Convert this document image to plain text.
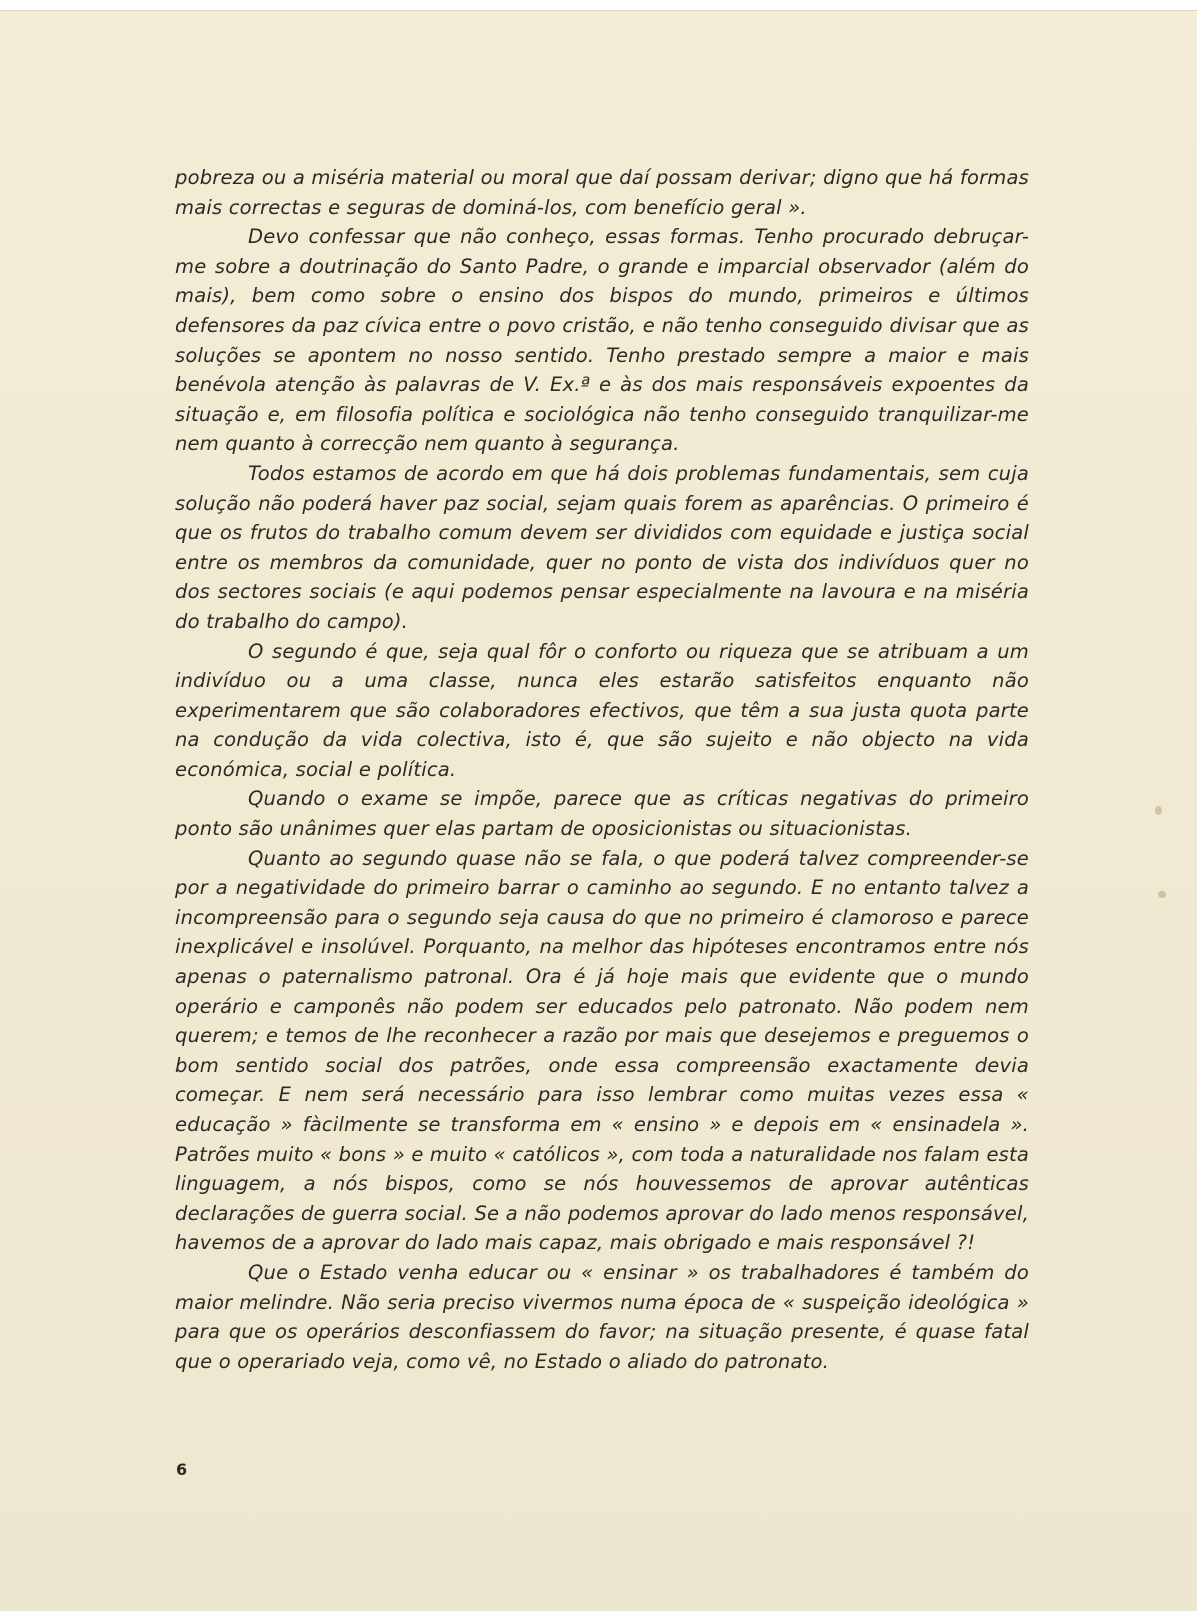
pobreza ou a miséria material ou moral que daí possam derivar; digno que há formas mais correctas e seguras de dominá-los, com benefício geral ».

Devo confessar que não conheço, essas formas. Tenho procurado debruçar-me sobre a doutrinação do Santo Padre, o grande e imparcial observador (além do mais), bem como sobre o ensino dos bispos do mundo, primeiros e últimos defensores da paz cívica entre o povo cristão, e não tenho conseguido divisar que as soluções se apontem no nosso sentido. Tenho prestado sempre a maior e mais benévola atenção às palavras de V. Ex.ª e às dos mais responsáveis expoentes da situação e, em filosofia política e sociológica não tenho conseguido tranquilizar-me nem quanto à correcção nem quanto à segurança.

Todos estamos de acordo em que há dois problemas fundamentais, sem cuja solução não poderá haver paz social, sejam quais forem as aparências. O primeiro é que os frutos do trabalho comum devem ser divididos com equidade e justiça social entre os membros da comunidade, quer no ponto de vista dos indivíduos quer no dos sectores sociais (e aqui podemos pensar especialmente na lavoura e na miséria do trabalho do campo).

O segundo é que, seja qual fôr o conforto ou riqueza que se atribuam a um indivíduo ou a uma classe, nunca eles estarão satisfeitos enquanto não experimentarem que são colaboradores efectivos, que têm a sua justa quota parte na condução da vida colectiva, isto é, que são sujeito e não objecto na vida económica, social e política.

Quando o exame se impõe, parece que as críticas negativas do primeiro ponto são unânimes quer elas partam de oposicionistas ou situacionistas.

Quanto ao segundo quase não se fala, o que poderá talvez compreender-se por a negatividade do primeiro barrar o caminho ao segundo. E no entanto talvez a incompreensão para o segundo seja causa do que no primeiro é clamoroso e parece inexplicável e insolúvel. Porquanto, na melhor das hipóteses encontramos entre nós apenas o paternalismo patronal. Ora é já hoje mais que evidente que o mundo operário e camponês não podem ser educados pelo patronato. Não podem nem querem; e temos de lhe reconhecer a razão por mais que desejemos e preguemos o bom sentido social dos patrões, onde essa compreensão exactamente devia começar. E nem será necessário para isso lembrar como muitas vezes essa « educação » fàcilmente se transforma em « ensino » e depois em « ensinadela ». Patrões muito « bons » e muito « católicos », com toda a naturalidade nos falam esta linguagem, a nós bispos, como se nós houvessemos de aprovar autênticas declarações de guerra social. Se a não podemos aprovar do lado menos responsável, havemos de a aprovar do lado mais capaz, mais obrigado e mais responsável ?!

Que o Estado venha educar ou « ensinar » os trabalhadores é também do maior melindre. Não seria preciso vivermos numa época de « suspeição ideológica » para que os operários desconfiassem do favor; na situação presente, é quase fatal que o operariado veja, como vê, no Estado o aliado do patronato.

6
